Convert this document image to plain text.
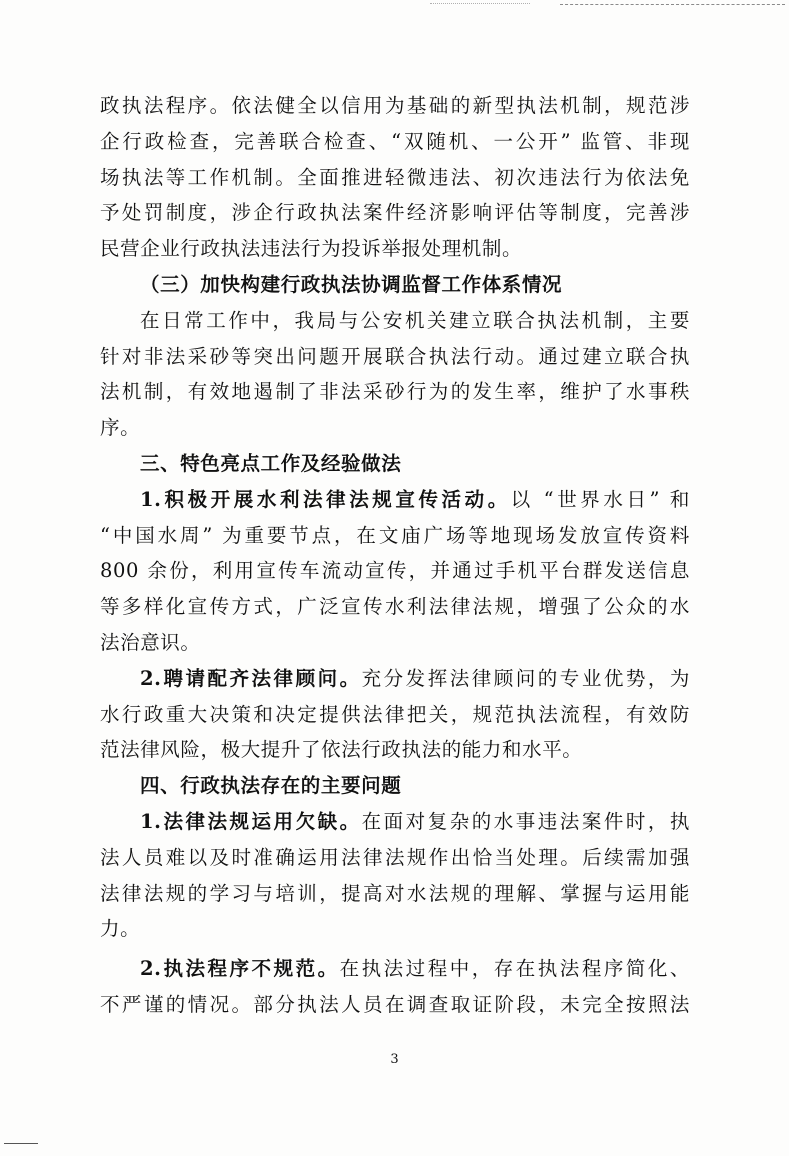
政执法程序。依法健全以信用为基础的新型执法机制，规范涉
企行政检查，完善联合检查、“双随机、一公开” 监管、非现
场执法等工作机制。全面推进轻微违法、初次违法行为依法免
予处罚制度，涉企行政执法案件经济影响评估等制度，完善涉
民营企业行政执法违法行为投诉举报处理机制。
（三）加快构建行政执法协调监督工作体系情况
在日常工作中，我局与公安机关建立联合执法机制，主要
针对非法采砂等突出问题开展联合执法行动。通过建立联合执
法机制，有效地遏制了非法采砂行为的发生率，维护了水事秩
序。
三、特色亮点工作及经验做法
1.积极开展水利法律法规宣传活动。以 “世界水日” 和
“中国水周” 为重要节点，在文庙广场等地现场发放宣传资料
800 余份，利用宣传车流动宣传，并通过手机平台群发送信息
等多样化宣传方式，广泛宣传水利法律法规，增强了公众的水
法治意识。
2.聘请配齐法律顾问。充分发挥法律顾问的专业优势，为
水行政重大决策和决定提供法律把关，规范执法流程，有效防
范法律风险，极大提升了依法行政执法的能力和水平。
四、行政执法存在的主要问题
1.法律法规运用欠缺。在面对复杂的水事违法案件时，执
法人员难以及时准确运用法律法规作出恰当处理。后续需加强
法律法规的学习与培训，提高对水法规的理解、掌握与运用能
力。
2.执法程序不规范。在执法过程中，存在执法程序简化、
不严谨的情况。部分执法人员在调查取证阶段，未完全按照法
3
